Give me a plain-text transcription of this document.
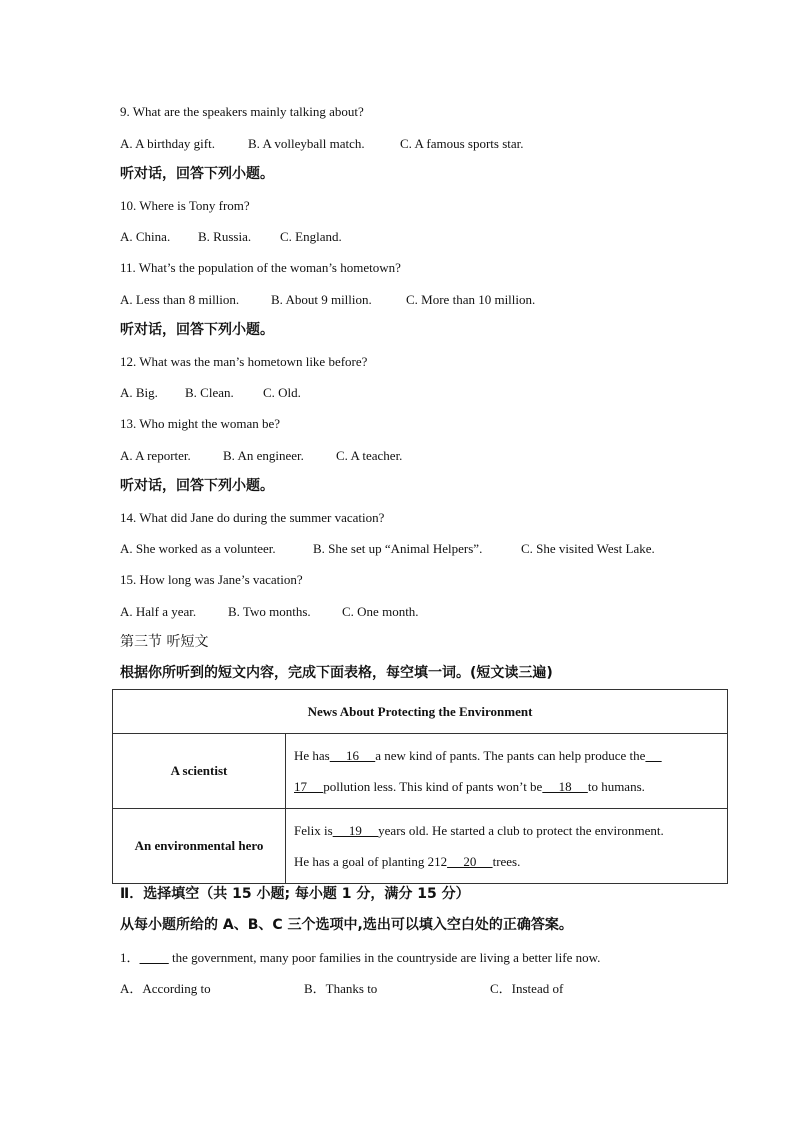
9. What are the speakers mainly talking about?
A. A birthday gift.	B. A volleyball match.	C. A famous sports star.
听对话，回答下列小题。
10. Where is Tony from?
A. China. B. Russia. C. England.
11. What’s the population of the woman’s hometown?
A. Less than 8 million. B. About 9 million.	C. More than 10 million.
听对话，回答下列小题。
12. What was the man’s hometown like before?
A. Big. B. Clean. C. Old.
13. Who might the woman be?
A. A reporter. B. An engineer. C. A teacher.
听对话，回答下列小题。
14. What did Jane do during the summer vacation?
A. She worked as a volunteer.	B. She set up “Animal Helpers”.	C. She visited West Lake.
15. How long was Jane’s vacation?
A. Half a year. B. Two months. C. One month.
第三节 听短文
根据你所听到的短文内容，完成下面表格，每空填一词。(短文读三遍)
News About Protecting the Environment	
A scientist	He has     16     a new kind of pants. The pants can help produce the
17     pollution less. This kind of pants won’t be     18     to humans.
An environmental hero	Felix is     19     years old. He started a club to protect the environment.
He has a goal of planting 212     20     trees.
Ⅱ．选择填空（共 15 小题; 每小题 1 分，满分 15 分）
从每小题所给的 A、B、C 三个选项中,选出可以填入空白处的正确答案。
1．          the government, many poor families in the countryside are living a better life now.
A．According to	B．Thanks to	C．Instead of
